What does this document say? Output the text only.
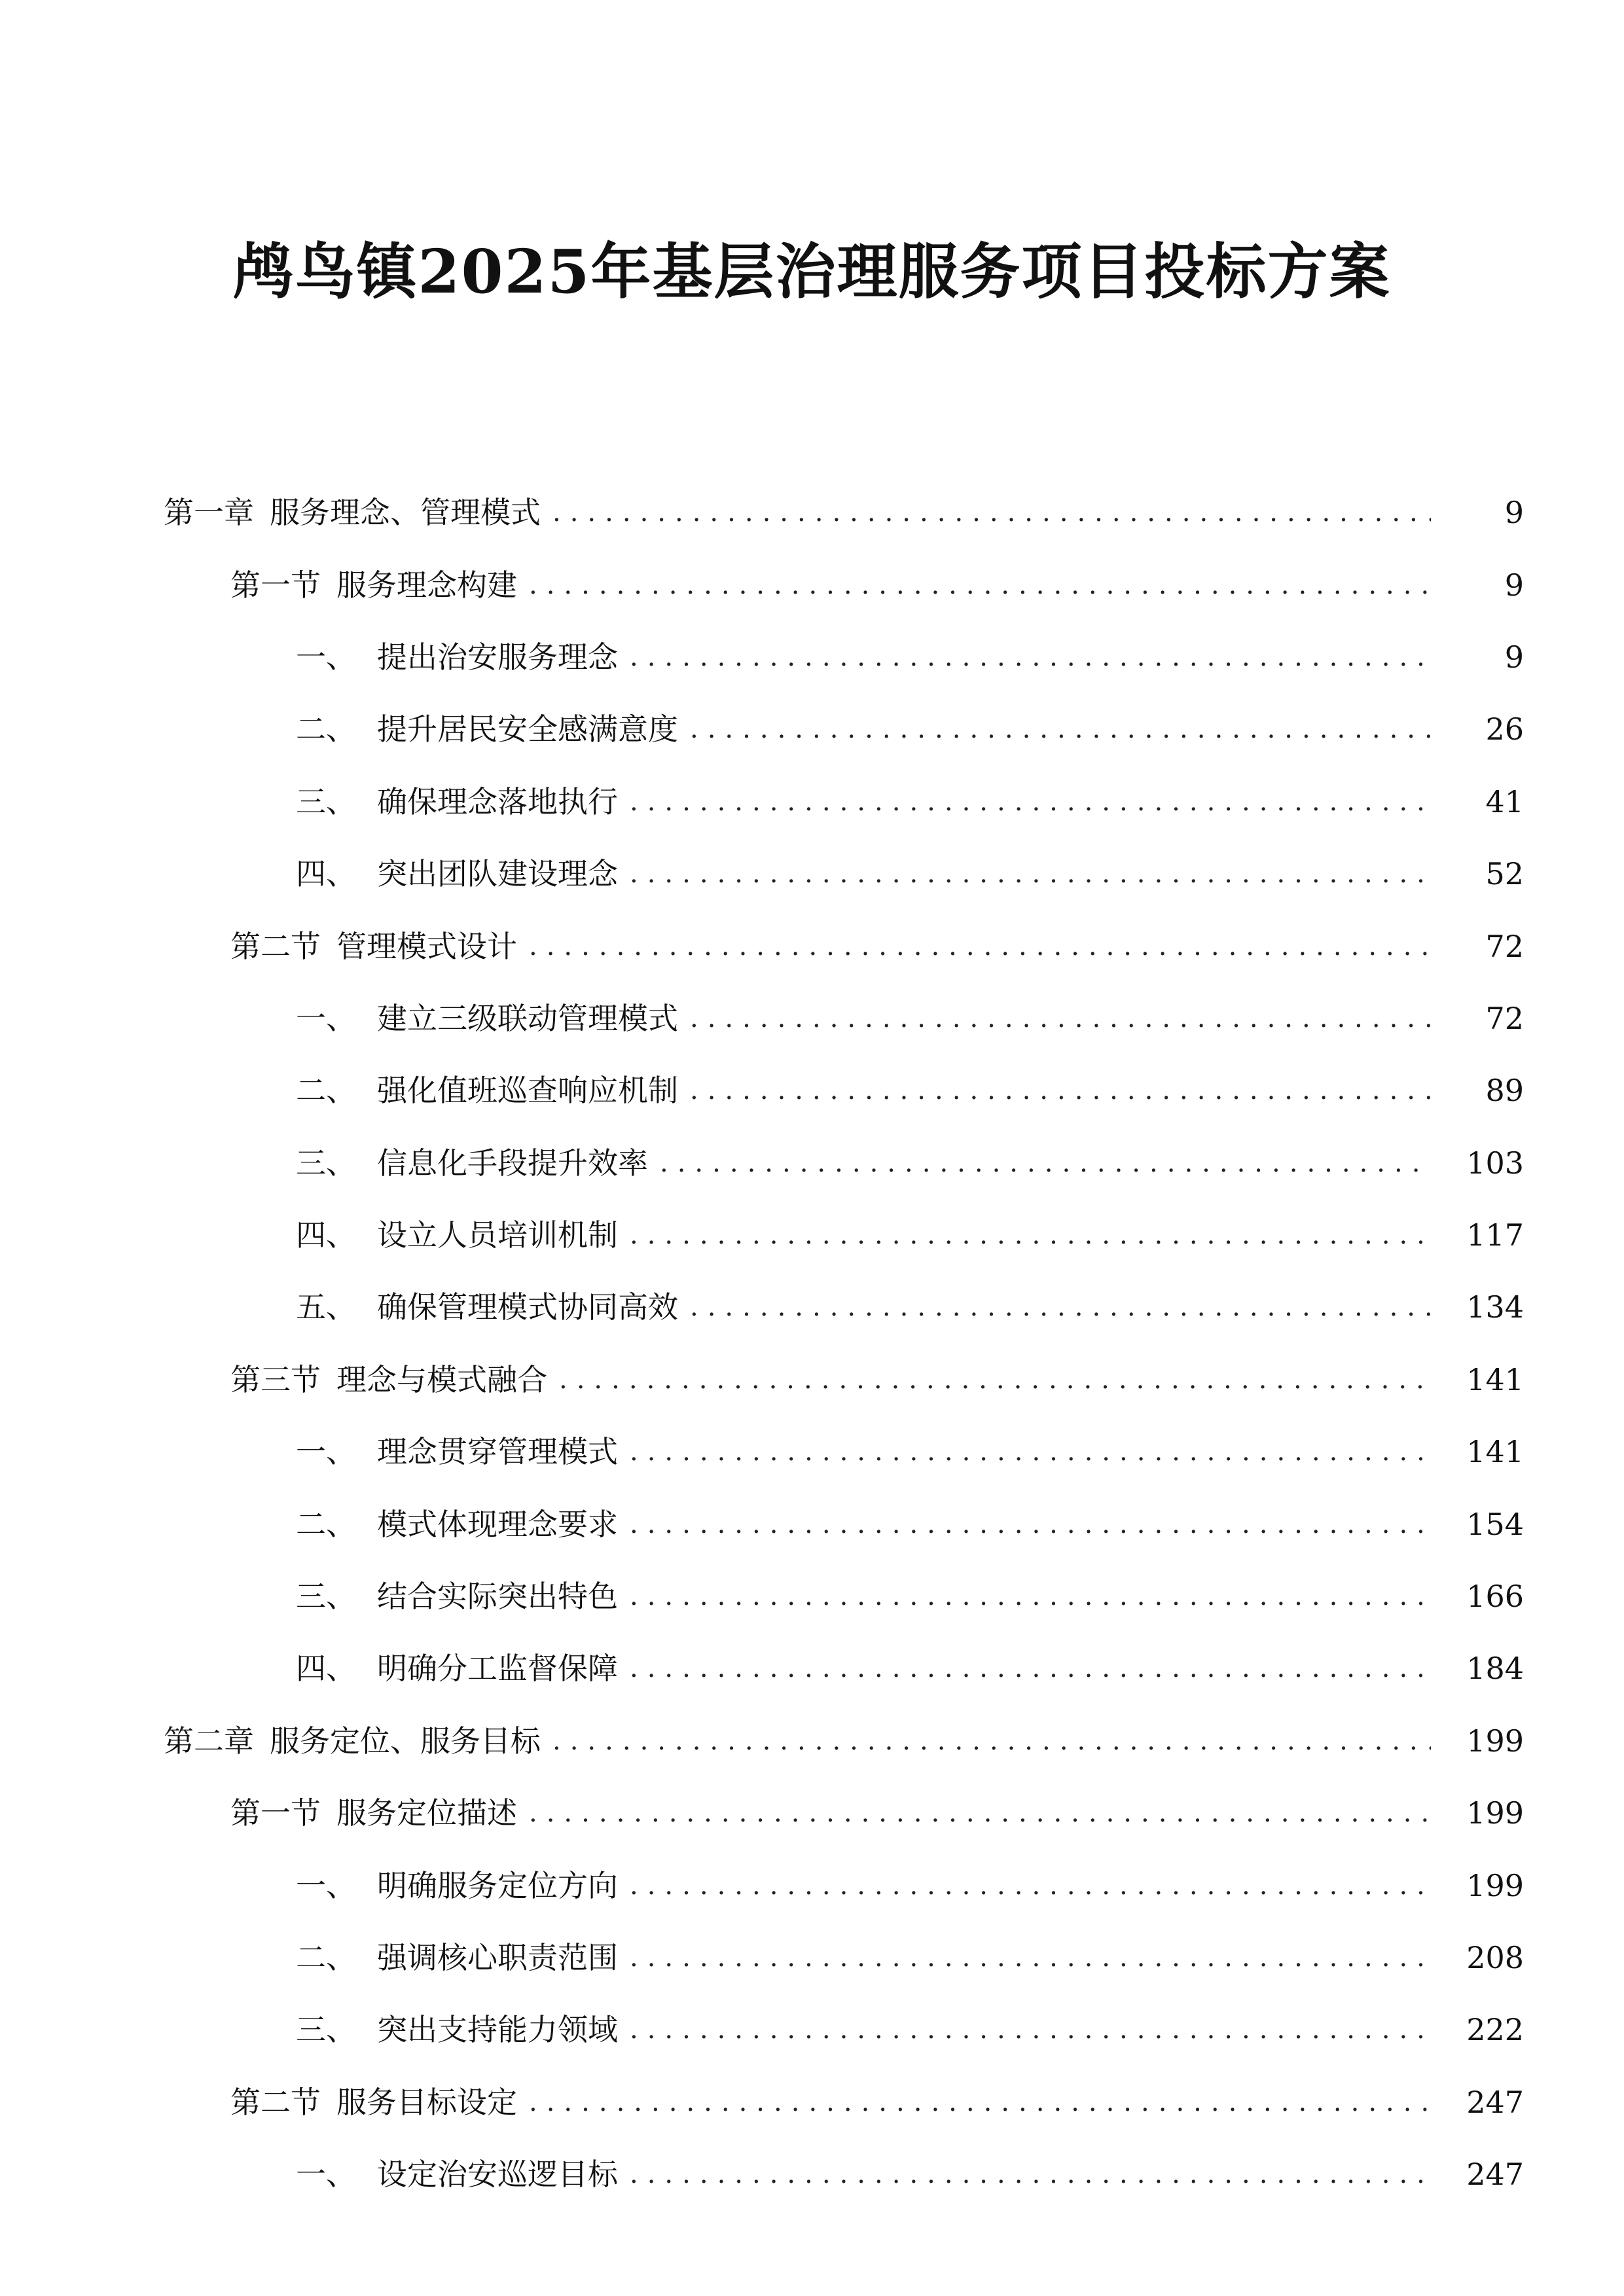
鸬鸟镇2025年基层治理服务项目投标方案
第一章 服务理念、管理模式 .....	9
第一节 服务理念构建 .....	9
一、 提出治安服务理念 .....	9
二、 提升居民安全感满意度 .....	26
三、 确保理念落地执行 .....	41
四、 突出团队建设理念 .....	52
第二节 管理模式设计 .....	72
一、 建立三级联动管理模式 .....	72
二、 强化值班巡查响应机制 .....	89
三、 信息化手段提升效率 .....	103
四、 设立人员培训机制 .....	117
五、 确保管理模式协同高效 .....	134
第三节 理念与模式融合 .....	141
一、 理念贯穿管理模式 .....	141
二、 模式体现理念要求 .....	154
三、 结合实际突出特色 .....	166
四、 明确分工监督保障 .....	184
第二章 服务定位、服务目标 .....	199
第一节 服务定位描述 .....	199
一、 明确服务定位方向 .....	199
二、 强调核心职责范围 .....	208
三、 突出支持能力领域 .....	222
第二节 服务目标设定 .....	247
一、 设定治安巡逻目标 .....	247
